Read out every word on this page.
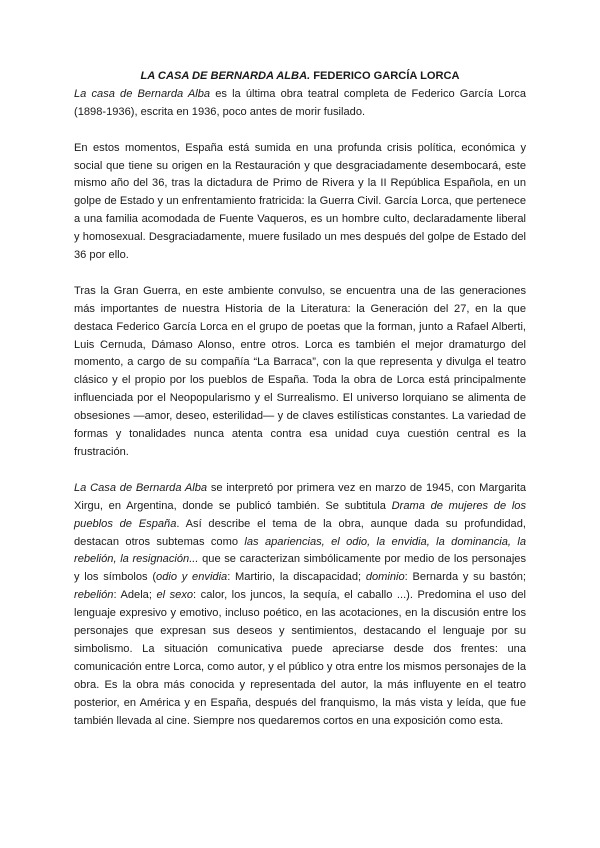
LA CASA DE BERNARDA ALBA. FEDERICO GARCÍA LORCA

La casa de Bernarda Alba es la última obra teatral completa de Federico García Lorca (1898-1936), escrita en 1936, poco antes de morir fusilado.

En estos momentos, España está sumida en una profunda crisis política, económica y social que tiene su origen en la Restauración y que desgraciadamente desembocará, este mismo año del 36, tras la dictadura de Primo de Rivera y la II República Española, en un golpe de Estado y un enfrentamiento fratricida: la Guerra Civil. García Lorca, que pertenece a una familia acomodada de Fuente Vaqueros, es un hombre culto, declaradamente liberal y homosexual. Desgraciadamente, muere fusilado un mes después del golpe de Estado del 36 por ello.

Tras la Gran Guerra, en este ambiente convulso, se encuentra una de las generaciones más importantes de nuestra Historia de la Literatura: la Generación del 27, en la que destaca Federico García Lorca en el grupo de poetas que la forman, junto a Rafael Alberti, Luis Cernuda, Dámaso Alonso, entre otros. Lorca es también el mejor dramaturgo del momento, a cargo de su compañía “La Barraca”, con la que representa y divulga el teatro clásico y el propio por los pueblos de España. Toda la obra de Lorca está principalmente influenciada por el Neopopularismo y el Surrealismo. El universo lorquiano se alimenta de obsesiones —amor, deseo, esterilidad— y de claves estilísticas constantes. La variedad de formas y tonalidades nunca atenta contra esa unidad cuya cuestión central es la frustración.

La Casa de Bernarda Alba se interpretó por primera vez en marzo de 1945, con Margarita Xirgu, en Argentina, donde se publicó también. Se subtitula Drama de mujeres de los pueblos de España. Así describe el tema de la obra, aunque dada su profundidad, destacan otros subtemas como las apariencias, el odio, la envidia, la dominancia, la rebelión, la resignación... que se caracterizan simbólicamente por medio de los personajes y los símbolos (odio y envidia: Martirio, la discapacidad; dominio: Bernarda y su bastón; rebelión: Adela; el sexo: calor, los juncos, la sequía, el caballo ...). Predomina el uso del lenguaje expresivo y emotivo, incluso poético, en las acotaciones, en la discusión entre los personajes que expresan sus deseos y sentimientos, destacando el lenguaje por su simbolismo. La situación comunicativa puede apreciarse desde dos frentes: una comunicación entre Lorca, como autor, y el público y otra entre los mismos personajes de la obra. Es la obra más conocida y representada del autor, la más influyente en el teatro posterior, en América y en España, después del franquismo, la más vista y leída, que fue también llevada al cine. Siempre nos quedaremos cortos en una exposición como esta.
